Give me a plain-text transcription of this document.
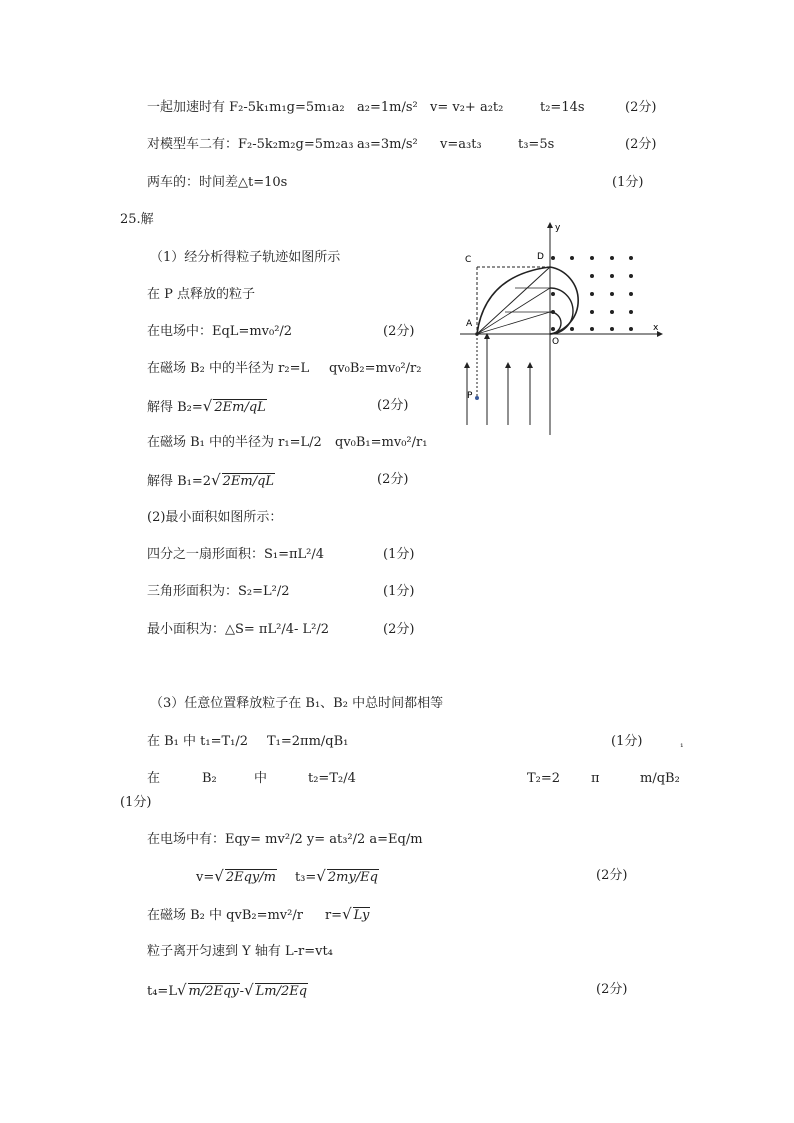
一起加速时有 F₂-5k₁m₁g=5m₁a₂ a₂=1m/s² v= v₂+ a₂t₂	t₂=14s	(2分)
对模型车二有：F₂-5k₂m₂g=5m₂a₃ a₃=3m/s² v=a₃t₃	t₃=5s	(2分)
两车的：时间差△t=10s	(1分)
25.解
（1）经分析得粒子轨迹如图所示
在 P 点释放的粒子
在电场中：EqL=mv₀²/2	(2分)
在磁场 B₂ 中的半径为 r₂=L qv₀B₂=mv₀²/r₂
解得 B₂=√ 2Em/qL	(2分)
在磁场 B₁ 中的半径为 r₁=L/2 qv₀B₁=mv₀²/r₁
解得 B₁=2√ 2Em/qL	(2分)
(2)最小面积如图所示：
四分之一扇形面积：S₁=πL²/4	(1分)
三角形面积为：S₂=L²/2	(1分)
最小面积为：△S= πL²/4- L²/2	(2分)
（3）任意位置释放粒子在 B₁、B₂ 中总时间都相等
在 B₁ 中 t₁=T₁/2 T₁=2πm/qB₁	(1分)	₁
在	B₂	中	t₂=T₂/4	T₂=2 π	m/qB₂
(1分)
在电场中有：Eqy= mv²/2 y= at₃²/2 a=Eq/m
v=√ 2Eqy/m t₃=√ 2my/Eq	(2分)
在磁场 B₂ 中 qvB₂=mv²/r r=√ Ly
粒子离开匀速到 Y 轴有 L-r=vt₄
t₄=L√ m/2Eqy-√ Lm/2Eq	(2分)
y
x
C	D
A
O
P
